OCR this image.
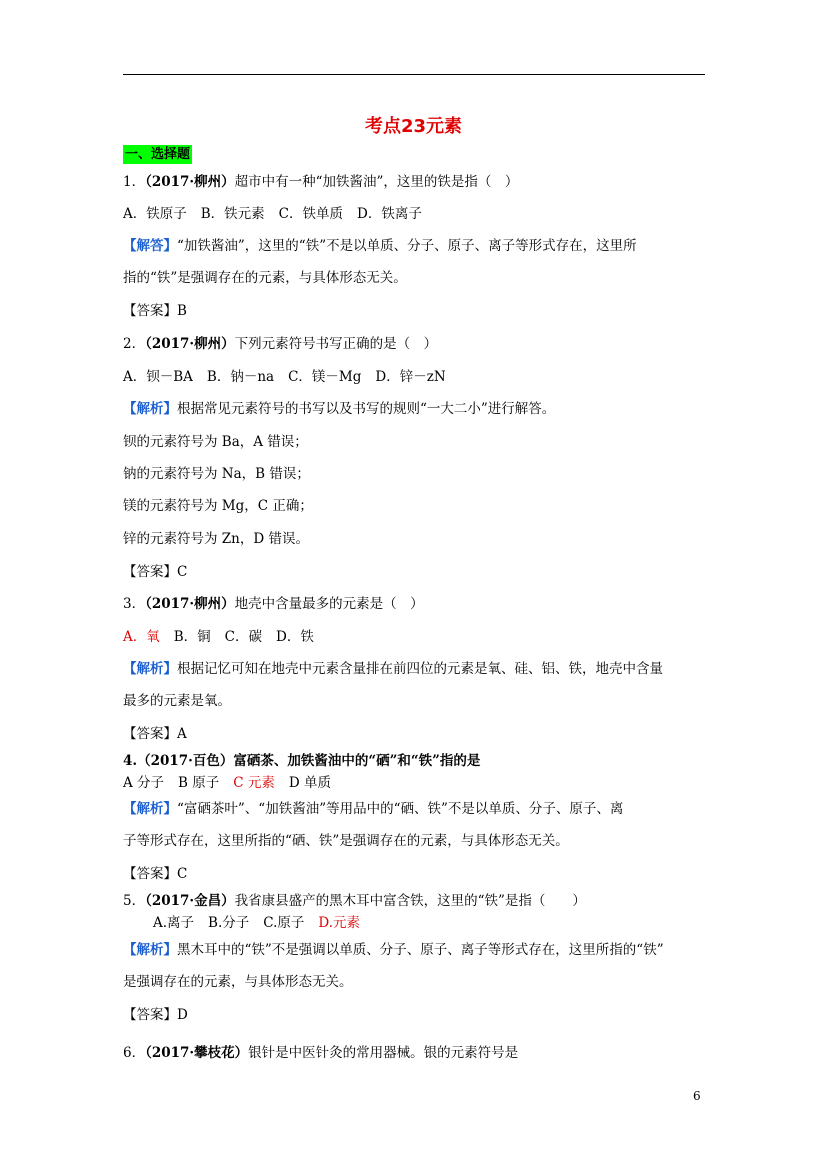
考点23元素
一、选择题
1．（2017·柳州）超市中有一种“加铁酱油”，这里的铁是指（　）
A．铁原子 B．铁元素 C．铁单质 D．铁离子
【解答】“加铁酱油”，这里的“铁”不是以单质、分子、原子、离子等形式存在，这里所
指的“铁”是强调存在的元素，与具体形态无关。
【答案】B
2．（2017·柳州）下列元素符号书写正确的是（　）
A．钡－BA B．钠－na C．镁－Mg D．锌－zN
【解析】根据常见元素符号的书写以及书写的规则“一大二小”进行解答。
钡的元素符号为 Ba，A 错误；
钠的元素符号为 Na，B 错误；
镁的元素符号为 Mg，C 正确；
锌的元素符号为 Zn，D 错误。
【答案】C
3．（2017·柳州）地壳中含量最多的元素是（　）
A．氧 B．铜 C．碳 D．铁
【解析】根据记忆可知在地壳中元素含量排在前四位的元素是氧、硅、铝、铁，地壳中含量
最多的元素是氧。
【答案】A
4.（2017·百色）富硒茶、加铁酱油中的“硒”和“铁”指的是
A 分子 B 原子 C 元素 D 单质
【解析】“富硒茶叶”、“加铁酱油”等用品中的“硒、铁”不是以单质、分子、原子、离
子等形式存在，这里所指的“硒、铁”是强调存在的元素，与具体形态无关。
【答案】C
5．（2017·金昌）我省康县盛产的黑木耳中富含铁，这里的“铁”是指（　　）
A.离子 B.分子 C.原子 D.元素
【解析】黑木耳中的“铁”不是强调以单质、分子、原子、离子等形式存在，这里所指的“铁”
是强调存在的元素，与具体形态无关。
【答案】D
6．（2017·攀枝花）银针是中医针灸的常用器械。银的元素符号是
6
